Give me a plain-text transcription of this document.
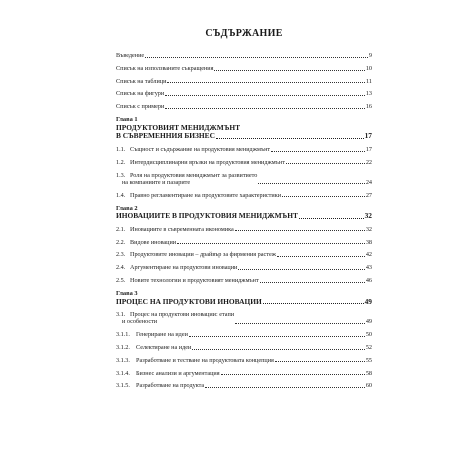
СЪДЪРЖАНИЕ
Въведение	9
Списък на използваните съкращения	10
Списък на таблици	11
Списък на фигури	13
Списък с примери	16
Глава 1
ПРОДУКТОВИЯТ МЕНИДЖМЪНТ
В СЪВРЕМЕННИЯ БИЗНЕС	17
1.1. Същност и съдържание на продуктовия мениджмънт	17
1.2. Интердисциплинарни връзки на продуктовия мениджмънт	22
1.3. Роля на продуктовия мениджмънт за развитието
на компаниите и пазарите	24
1.4. Правно регламентиране на продуктовите характеристики	27
Глава 2
ИНОВАЦИИТЕ В ПРОДУКТОВИЯ МЕНИДЖМЪНТ	32
2.1. Иновациите в съвременната икономика	32
2.2. Видове иновации	38
2.3. Продуктовите иновации – драйвър за фирмения растеж	42
2.4. Аргументиране на продуктови иновации	43
2.5. Новите технологии и продуктовият мениджмънт	46
Глава 3
ПРОЦЕС НА ПРОДУКТОВИ ИНОВАЦИИ	49
3.1. Процес на продуктови иновации: етапи
и особености	49
3.1.1. Генериране на идеи	50
3.1.2. Селектиране на идеи	52
3.1.3. Разработване и тестване на продуктовата концепция	55
3.1.4. Бизнес анализи и аргументация	58
3.1.5. Разработване на продукта	60
